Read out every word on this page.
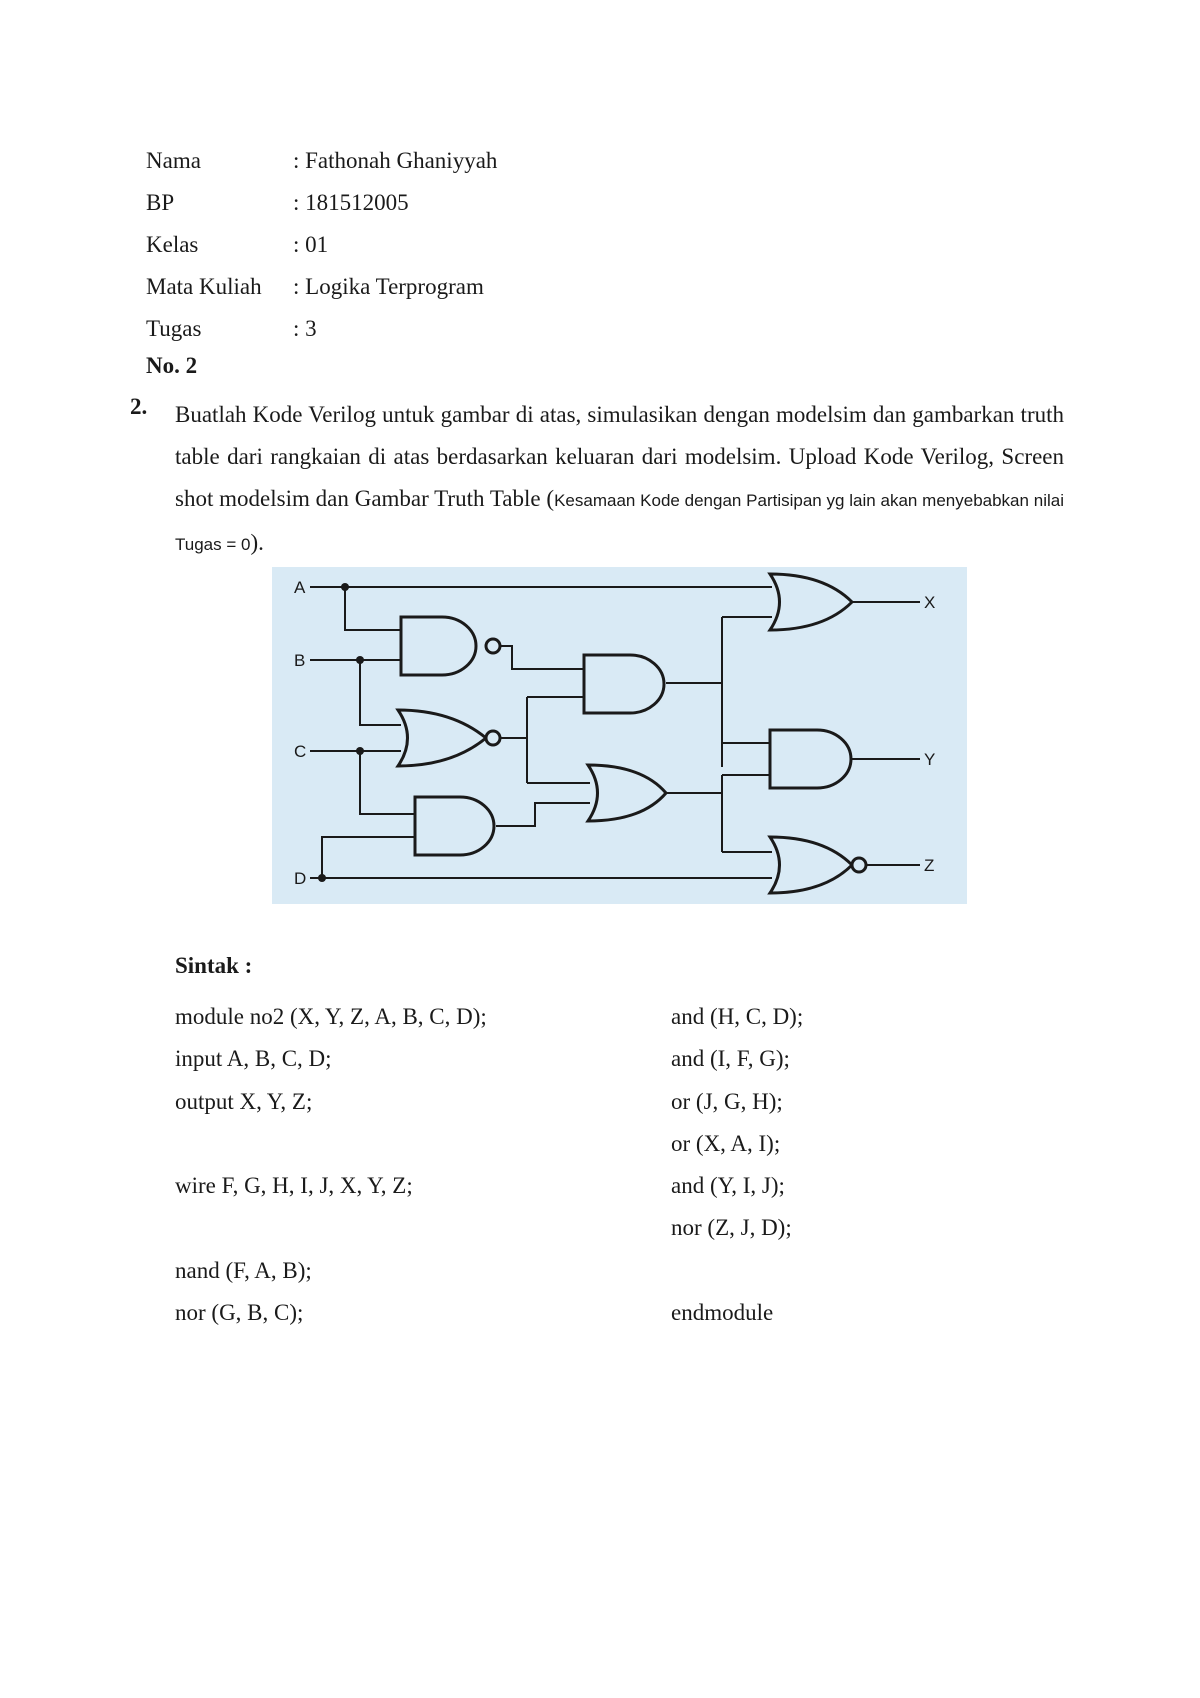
Nama	: Fathonah Ghaniyyah
BP	: 181512005
Kelas	: 01
Mata Kuliah	: Logika Terprogram
Tugas	: 3
No. 2
2. Buatlah Kode Verilog untuk gambar di atas, simulasikan dengan modelsim dan gambarkan truth table dari rangkaian di atas berdasarkan keluaran dari modelsim. Upload Kode Verilog, Screen shot modelsim dan Gambar Truth Table (Kesamaan Kode dengan Partisipan yg lain akan menyebabkan nilai Tugas = 0).

A
B
C
D
X
Y
Z
Sintak :
module no2 (X, Y, Z, A, B, C, D);
input A, B, C, D;
output X, Y, Z;
wire F, G, H, I, J, X, Y, Z;
nand (F, A, B);
nor (G, B, C);
and (H, C, D);
and (I, F, G);
or (J, G, H);
or (X, A, I);
and (Y, I, J);
nor (Z, J, D);
endmodule
